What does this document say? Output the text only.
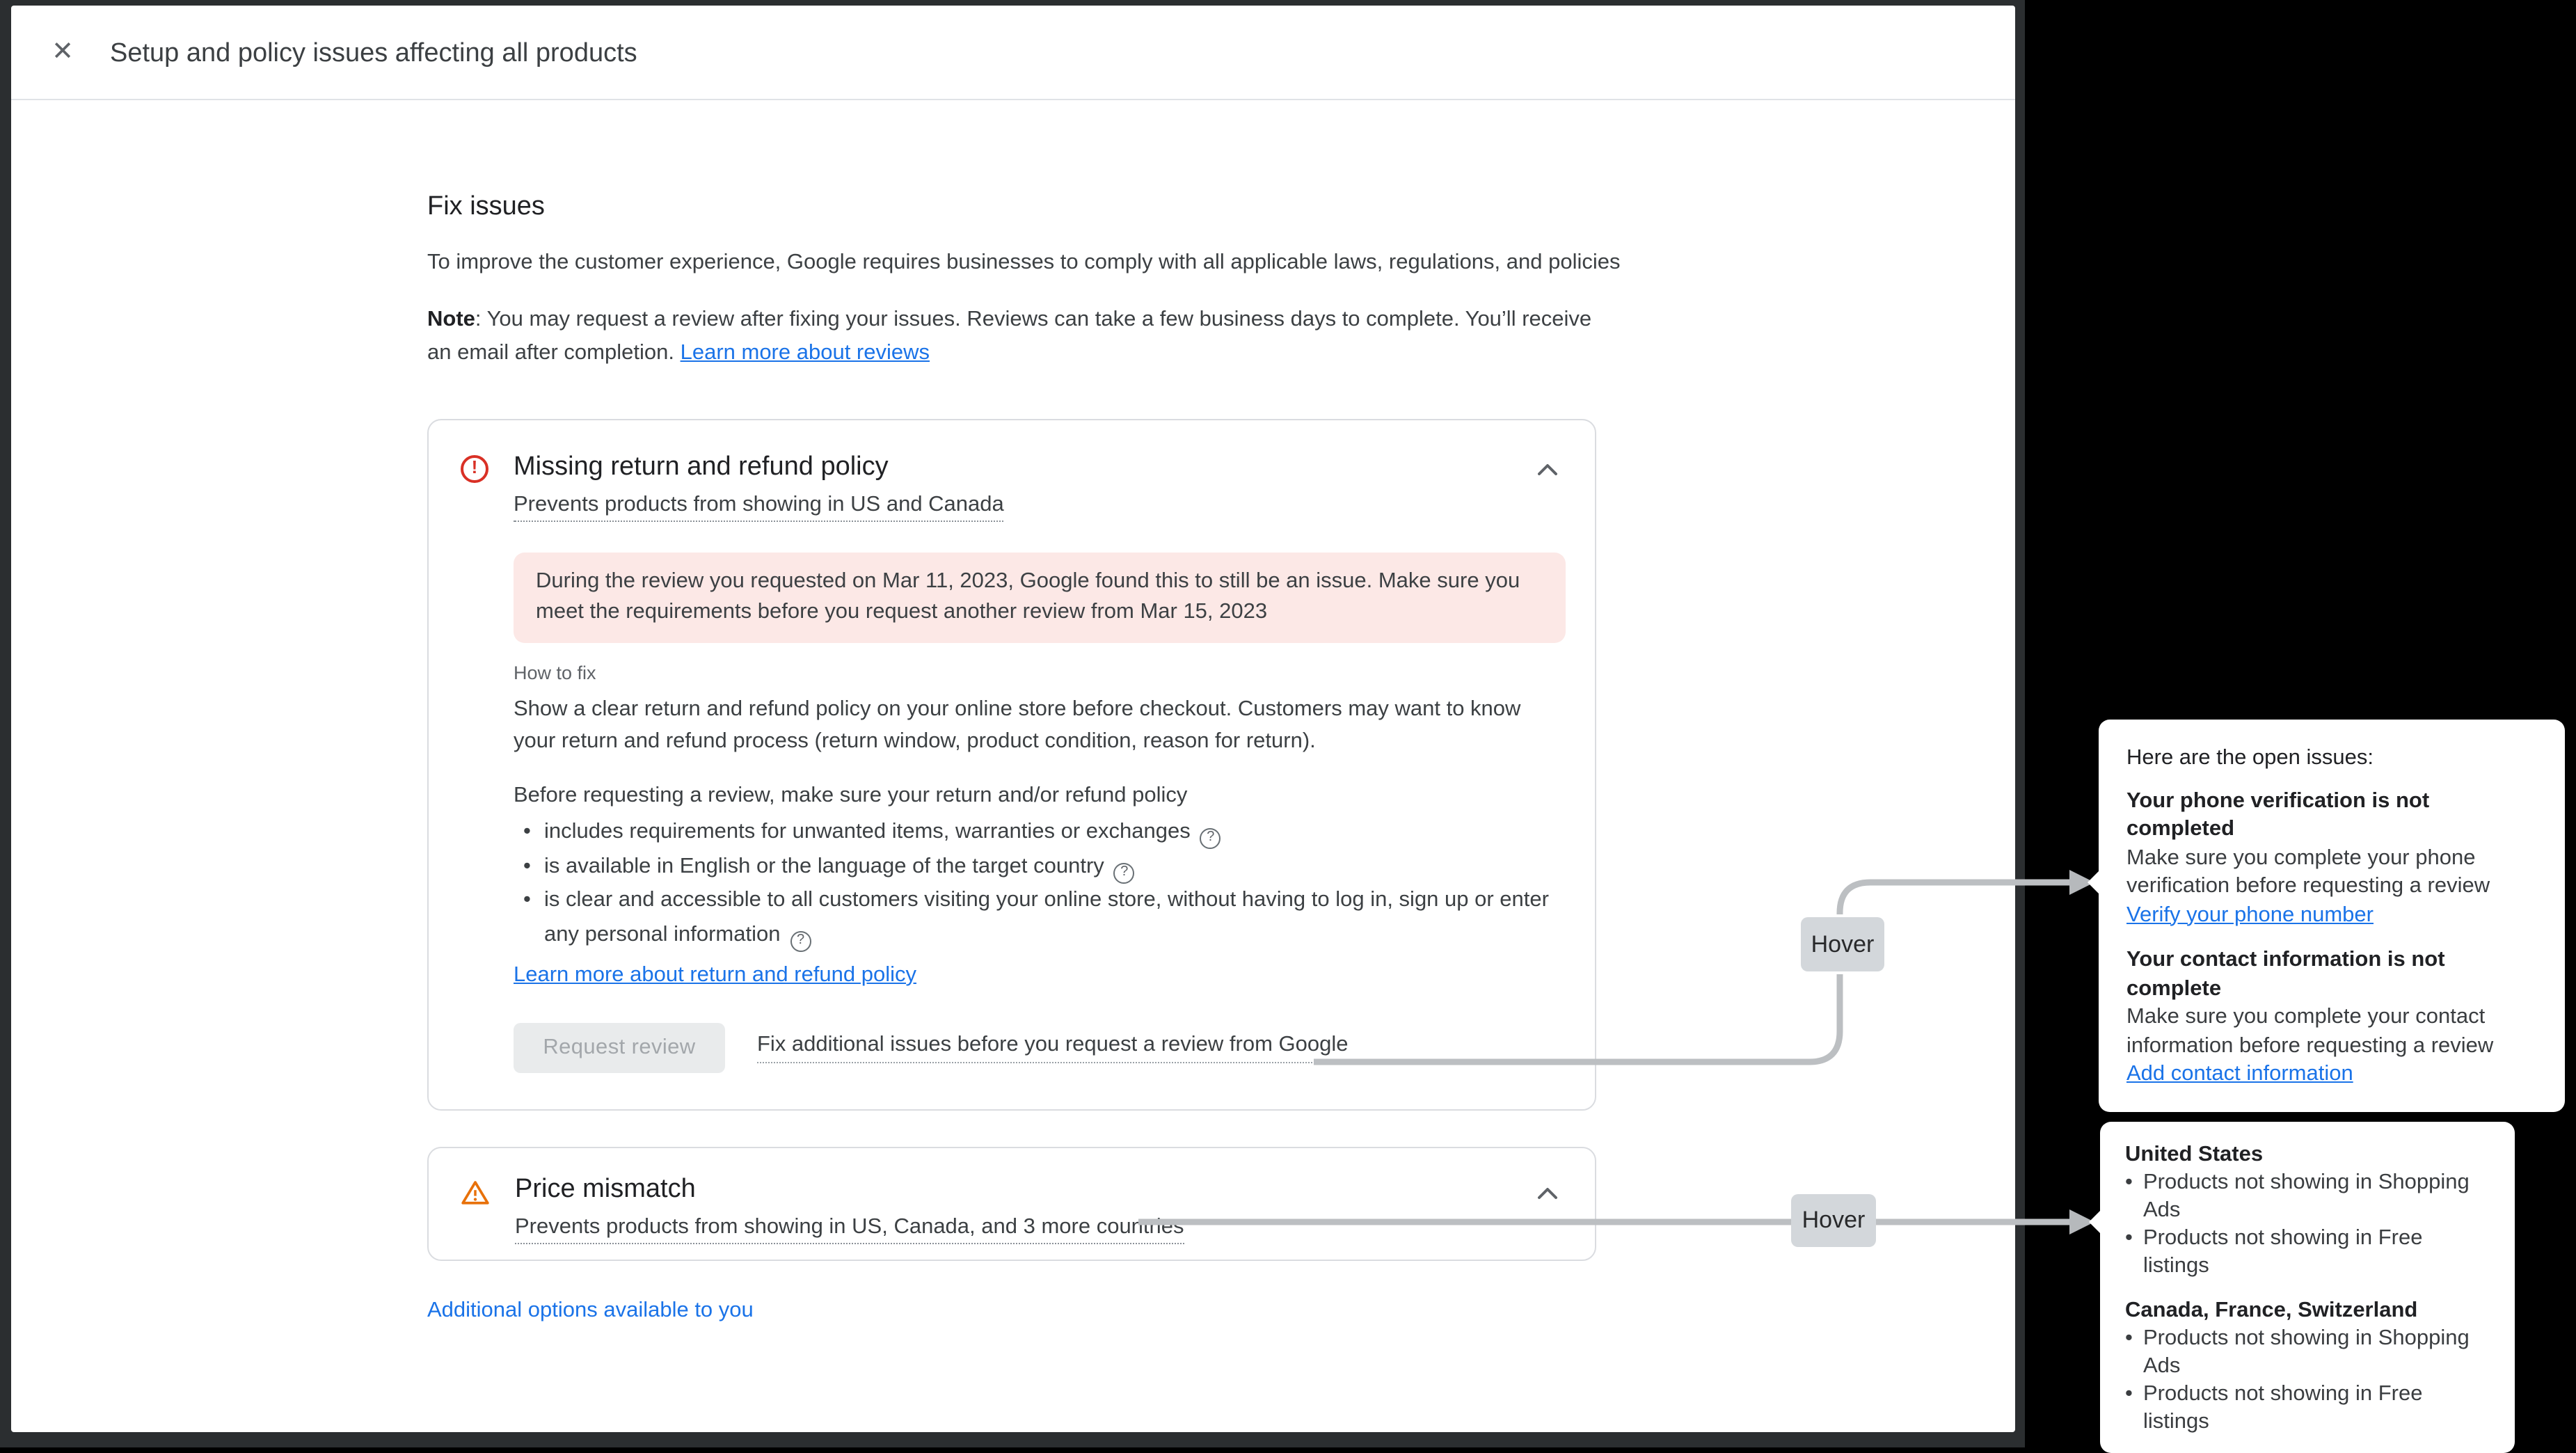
✕	Setup and policy issues affecting all products
Fix issues
To improve the customer experience, Google requires businesses to comply with all applicable laws, regulations, and policies
Note: You may request a review after fixing your issues. Reviews can take a few business days to complete. You’ll receive an email after completion. Learn more about reviews
!	Missing return and refund policy
Prevents products from showing in US and Canada
During the review you requested on Mar 11, 2023, Google found this to still be an issue. Make sure you meet the requirements before you request another review from Mar 15, 2023
How to fix
Show a clear return and refund policy on your online store before checkout. Customers may want to know your return and refund process (return window, product condition, reason for return).
Before requesting a review, make sure your return and/or refund policy
• includes requirements for unwanted items, warranties or exchanges ?
• is available in English or the language of the target country ?
• is clear and accessible to all customers visiting your online store, without having to log in, sign up or enter any personal information ?
Learn more about return and refund policy
Request review	Fix additional issues before you request a review from Google
Price mismatch
Prevents products from showing in US, Canada, and 3 more countries
Additional options available to you
Hover
Hover
Here are the open issues:
Your phone verification is not completed
Make sure you complete your phone verification before requesting a review
Verify your phone number
Your contact information is not complete
Make sure you complete your contact information before requesting a review
Add contact information
United States
• Products not showing in Shopping Ads
• Products not showing in Free listings
Canada, France, Switzerland
• Products not showing in Shopping Ads
• Products not showing in Free listings
